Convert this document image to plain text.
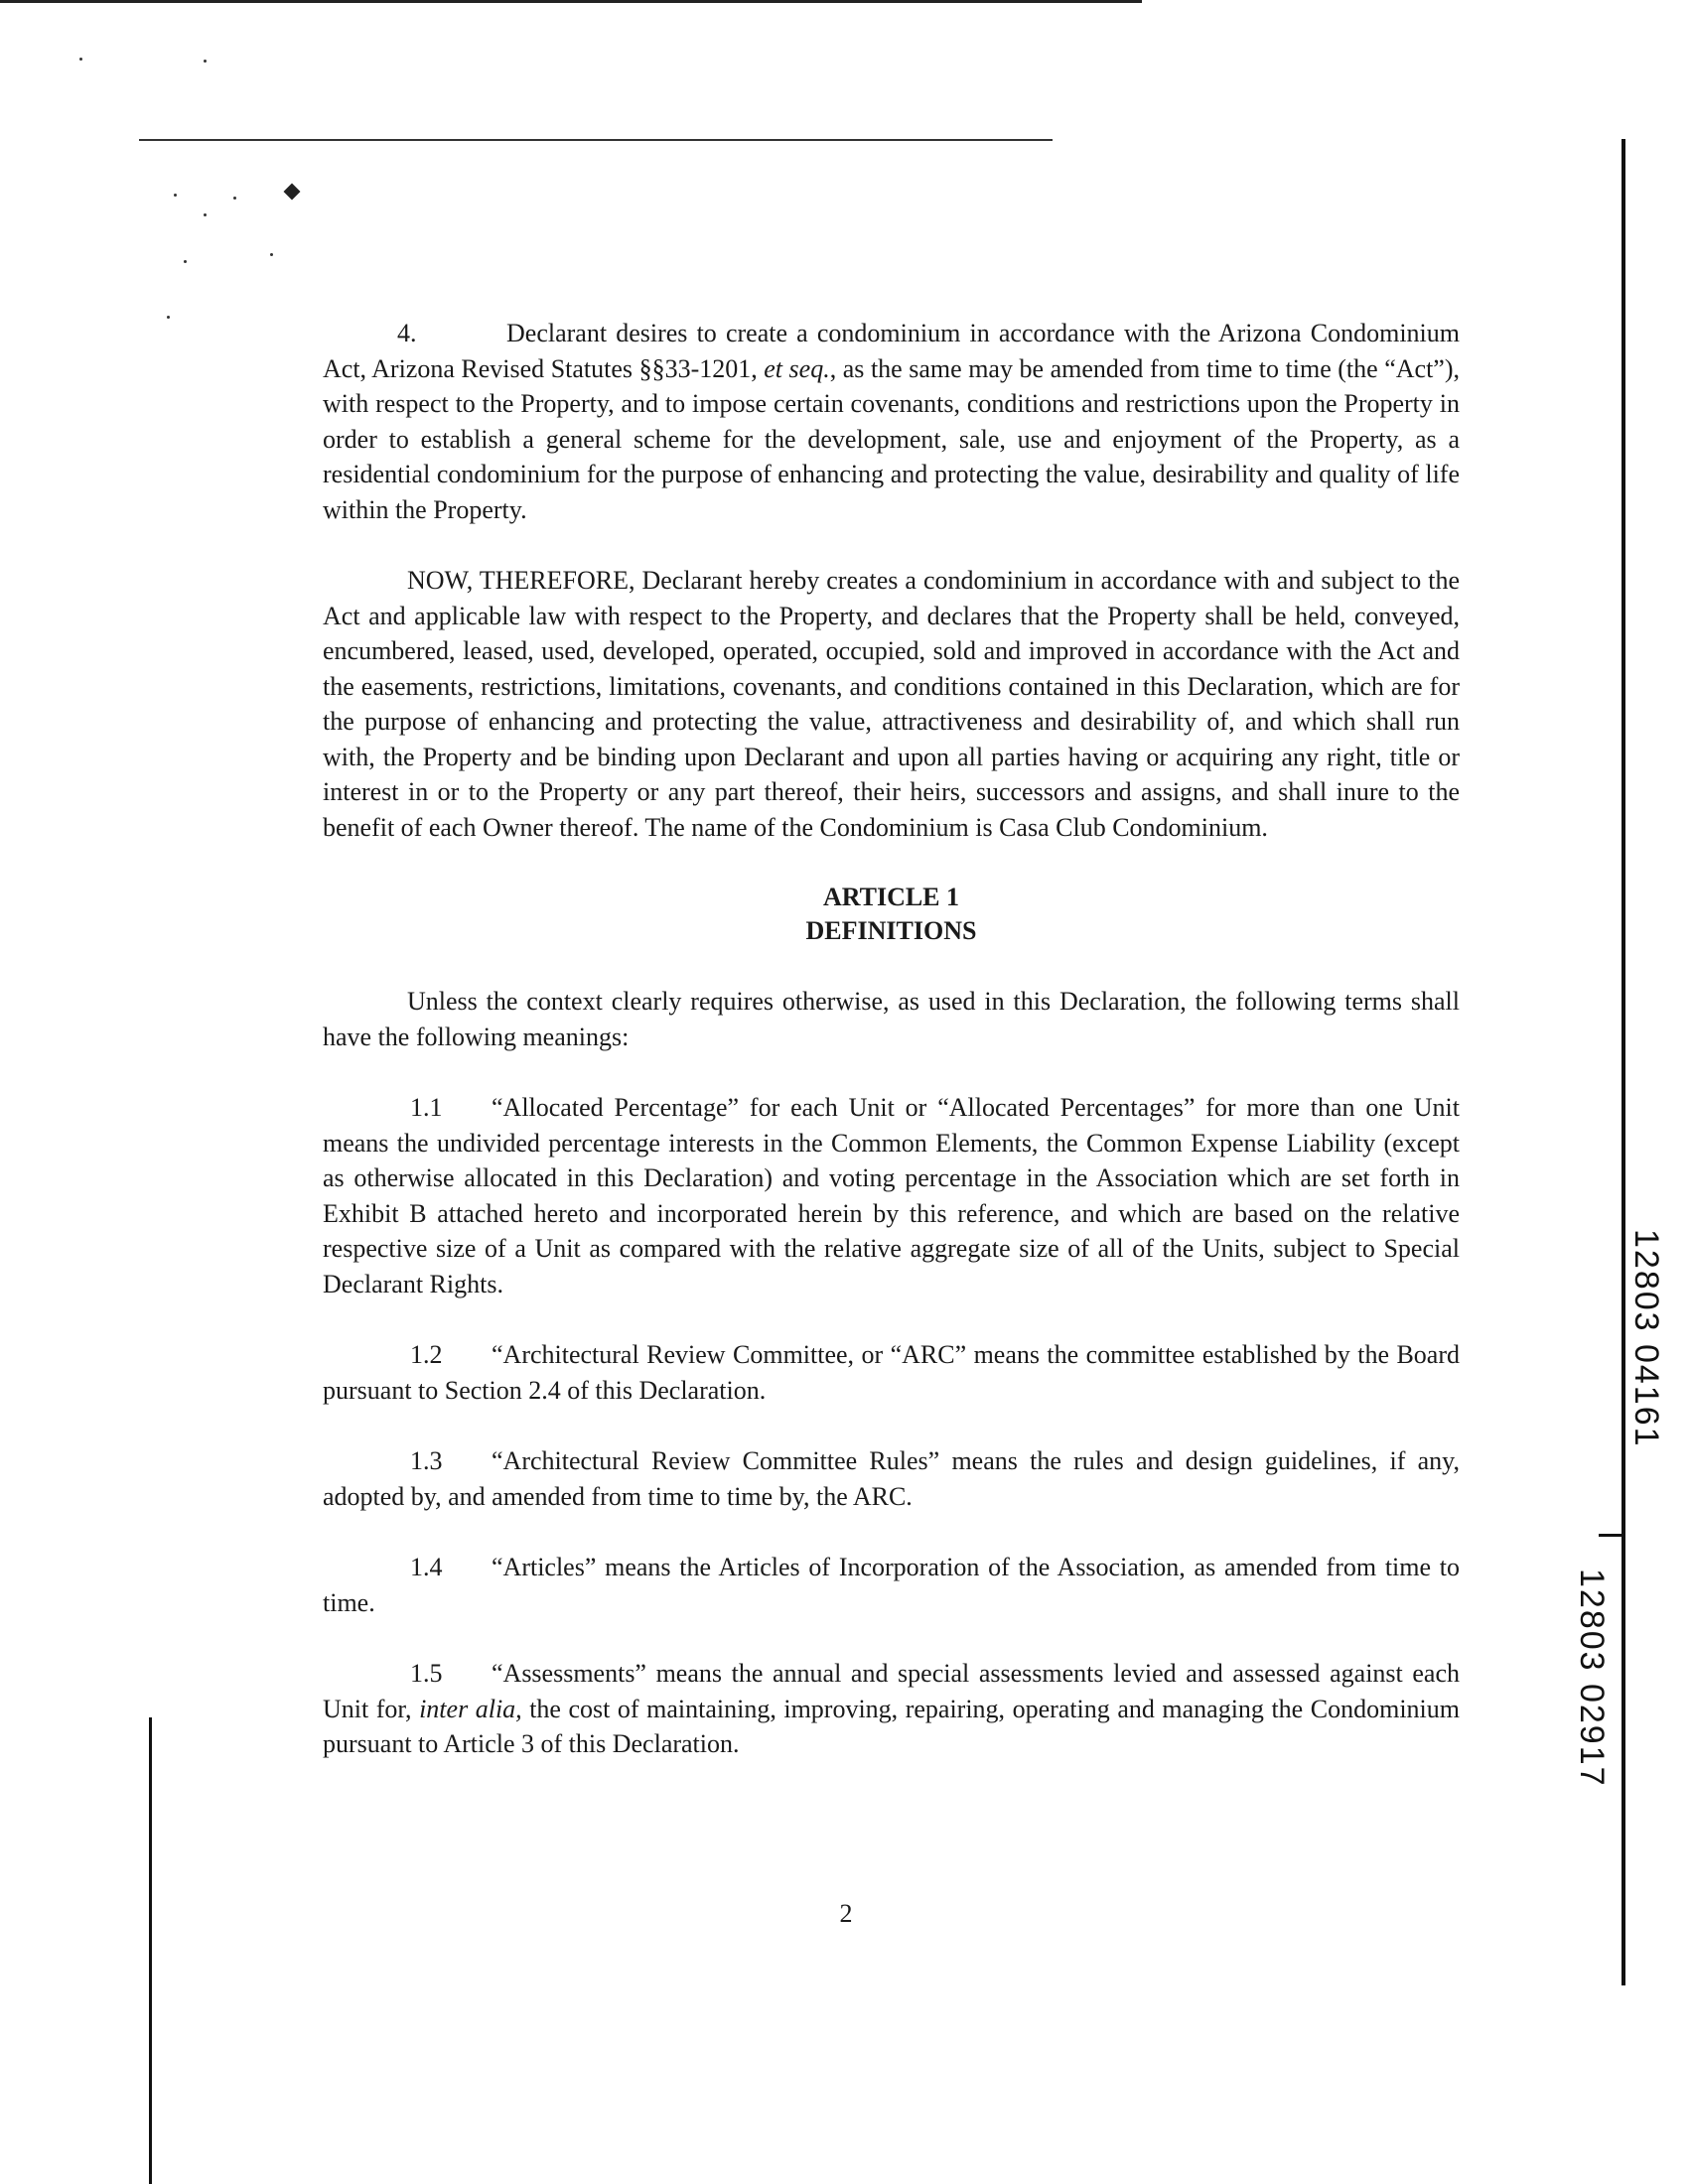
4.	Declarant desires to create a condominium in accordance with the Arizona Condominium Act, Arizona Revised Statutes §§33-1201, et seq., as the same may be amended from time to time (the “Act”), with respect to the Property, and to impose certain covenants, conditions and restrictions upon the Property in order to establish a general scheme for the development, sale, use and enjoyment of the Property, as a residential condominium for the purpose of enhancing and protecting the value, desirability and quality of life within the Property.

NOW, THEREFORE, Declarant hereby creates a condominium in accordance with and subject to the Act and applicable law with respect to the Property, and declares that the Property shall be held, conveyed, encumbered, leased, used, developed, operated, occupied, sold and improved in accordance with the Act and the easements, restrictions, limitations, covenants, and conditions contained in this Declaration, which are for the purpose of enhancing and protecting the value, attractiveness and desirability of, and which shall run with, the Property and be binding upon Declarant and upon all parties having or acquiring any right, title or interest in or to the Property or any part thereof, their heirs, successors and assigns, and shall inure to the benefit of each Owner thereof. The name of the Condominium is Casa Club Condominium.

ARTICLE 1
DEFINITIONS

Unless the context clearly requires otherwise, as used in this Declaration, the following terms shall have the following meanings:

1.1 “Allocated Percentage” for each Unit or “Allocated Percentages” for more than one Unit means the undivided percentage interests in the Common Elements, the Common Expense Liability (except as otherwise allocated in this Declaration) and voting percentage in the Association which are set forth in Exhibit B attached hereto and incorporated herein by this reference, and which are based on the relative respective size of a Unit as compared with the relative aggregate size of all of the Units, subject to Special Declarant Rights.

1.2 “Architectural Review Committee, or “ARC” means the committee established by the Board pursuant to Section 2.4 of this Declaration.

1.3 “Architectural Review Committee Rules” means the rules and design guidelines, if any, adopted by, and amended from time to time by, the ARC.

1.4 “Articles” means the Articles of Incorporation of the Association, as amended from time to time.

1.5 “Assessments” means the annual and special assessments levied and assessed against each Unit for, inter alia, the cost of maintaining, improving, repairing, operating and managing the Condominium pursuant to Article 3 of this Declaration.

2
12803 04161
12803 02917
